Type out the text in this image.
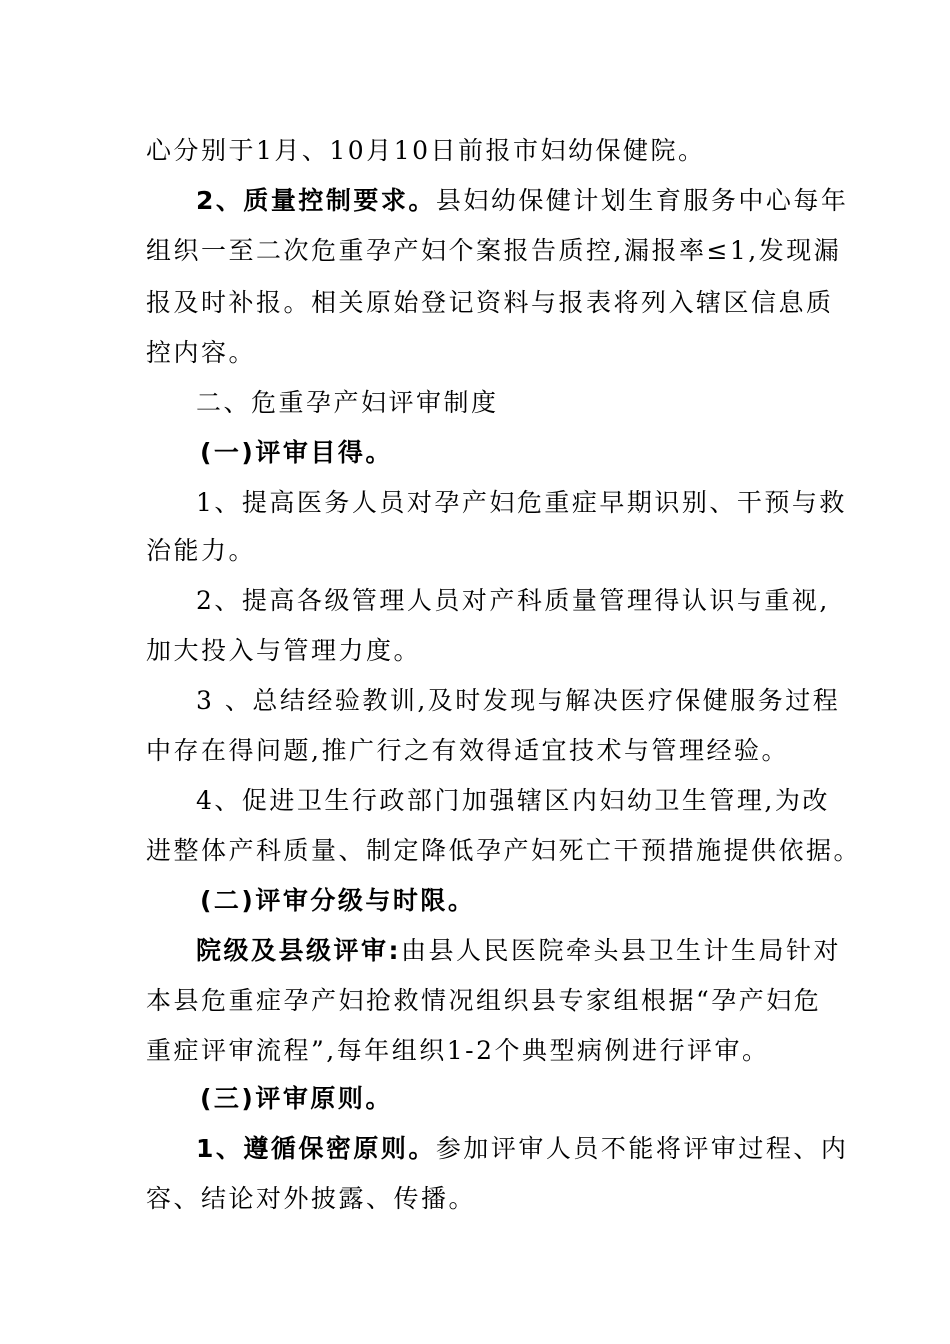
心分别于1月、10月10日前报市妇幼保健院。
2、质量控制要求。县妇幼保健计划生育服务中心每年
组织一至二次危重孕产妇个案报告质控,漏报率≤1,发现漏
报及时补报。相关原始登记资料与报表将列入辖区信息质
控内容。
二、危重孕产妇评审制度
(一)评审目得。
1、提高医务人员对孕产妇危重症早期识别、干预与救
治能力。
2、提高各级管理人员对产科质量管理得认识与重视,
加大投入与管理力度。
3 、总结经验教训,及时发现与解决医疗保健服务过程
中存在得问题,推广行之有效得适宜技术与管理经验。
4、促进卫生行政部门加强辖区内妇幼卫生管理,为改
进整体产科质量、制定降低孕产妇死亡干预措施提供依据。
(二)评审分级与时限。
院级及县级评审:由县人民医院牵头县卫生计生局针对
本县危重症孕产妇抢救情况组织县专家组根据“孕产妇危
重症评审流程”,每年组织1-2个典型病例进行评审。
(三)评审原则。
1、遵循保密原则。参加评审人员不能将评审过程、内
容、结论对外披露、传播。
